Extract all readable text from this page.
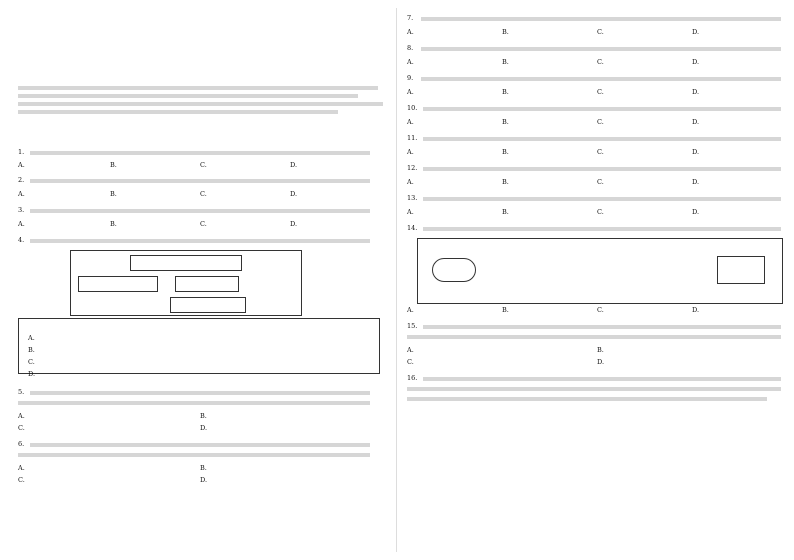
1.
A.	B.	C.	D.
2.
A.	B.	C.	D.
3.
A.	B.	C.	D.
4.
A.
B.
C.
D.
5.
A.	B.
C.	D.
6.
A.	B.
C.	D.
7.
A.	B.	C.	D.
8.
A.	B.	C.	D.
9.
A.	B.	C.	D.
10.
A.	B.	C.	D.
11.
A.	B.	C.	D.
12.
A.	B.	C.	D.
13.
A.	B.	C.	D.
14.
A.	B.	C.	D.
15.
A.	B.
C.	D.
16.
